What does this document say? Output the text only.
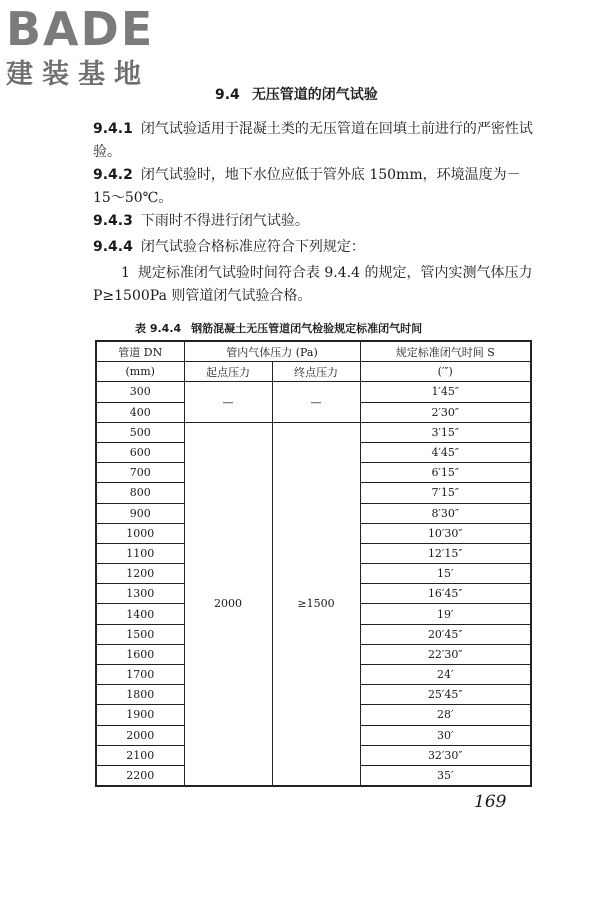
BADE
建装基地
9.4 无压管道的闭气试验
9.4.1 闭气试验适用于混凝土类的无压管道在回填土前进行的严密性试验。
9.4.2 闭气试验时，地下水位应低于管外底 150mm，环境温度为－15～50℃。
9.4.3 下雨时不得进行闭气试验。
9.4.4 闭气试验合格标准应符合下列规定：
1 规定标准闭气试验时间符合表 9.4.4 的规定，管内实测气体压力 P≥1500Pa 则管道闭气试验合格。
表 9.4.4 钢筋混凝土无压管道闭气检验规定标准闭气时间
管道 DN	管内气体压力 (Pa)		规定标准闭气时间 S
(mm)	起点压力	终点压力	(′″)
300	—	—	1′45″
400			2′30″
500	2000	≥1500	3′15″
600			4′45″
700			6′15″
800			7′15″
900			8′30″
1000			10′30″
1100			12′15″
1200			15′
1300			16′45″
1400			19′
1500			20′45″
1600			22′30″
1700			24′
1800			25′45″
1900			28′
2000			30′
2100			32′30″
2200			35′
169
